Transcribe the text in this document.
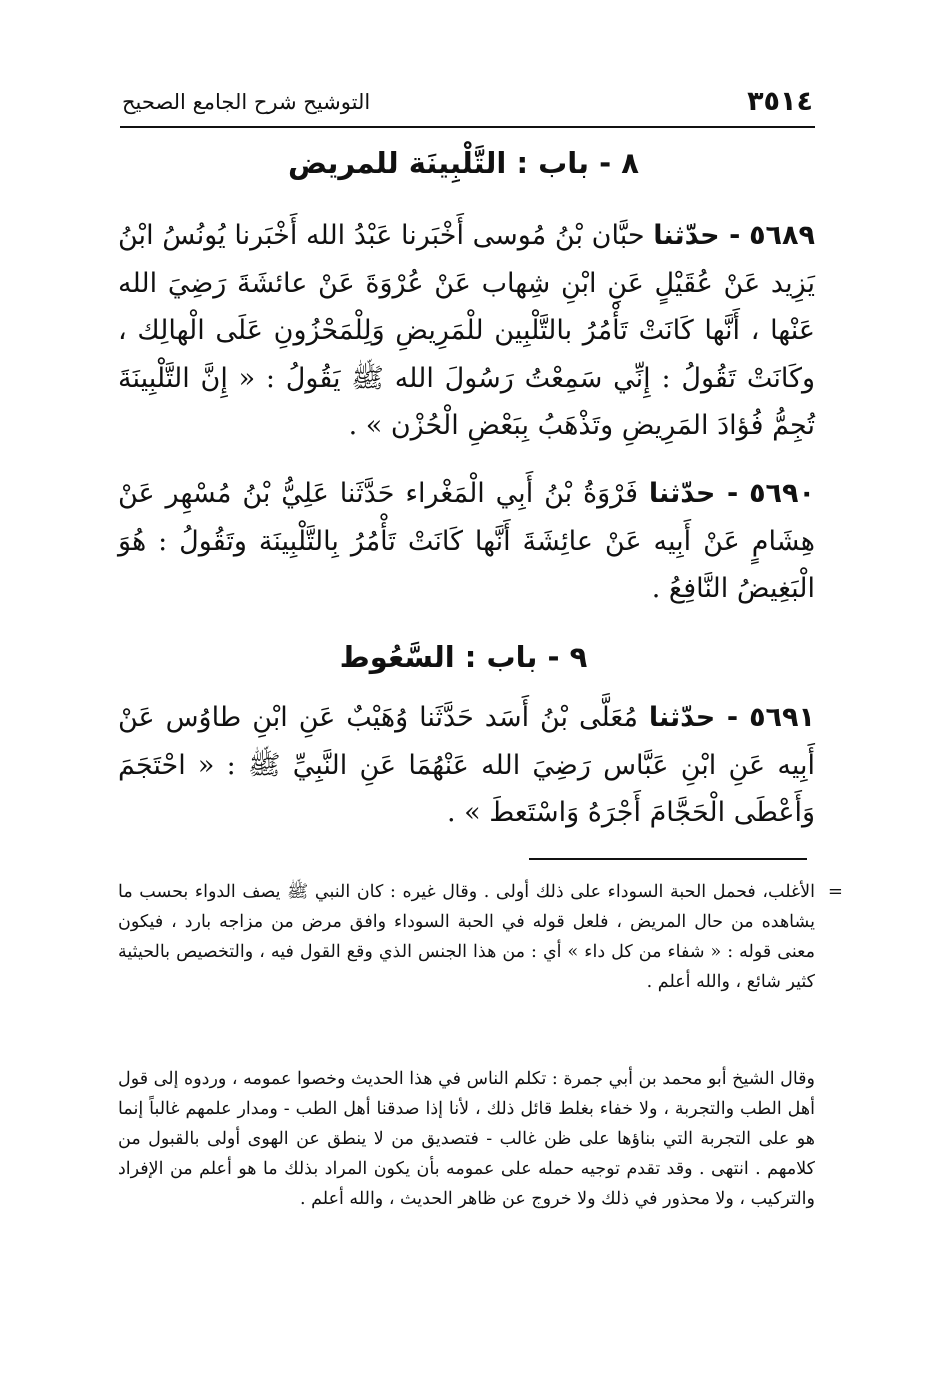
٣٥١٤
التوشيح شرح الجامع الصحيح
٨ - باب : التَّلْبِينَة للمريض
٥٦٨٩ - حدّثنا حبَّان بْنُ مُوسى أَخْبَرنا عَبْدُ الله أَخْبَرنا يُونُسُ ابْنُ يَزِيد عَنْ عُقَيْلٍ عَنِ ابْنِ شِهاب عَنْ عُرْوَةَ عَنْ عائشَةَ رَضِيَ الله عَنْها ، أَنَّها كَانَتْ تَأْمُرُ بالتَّلْبِين للْمَرِيضِ وَلِلْمَحْزُونِ عَلَى الْهالِك ، وكَانَتْ تَقُولُ : إِنِّي سَمِعْتُ رَسُولَ الله ﷺ يَقُولُ : « إِنَّ التَّلْبِينَةَ تُجِمُّ فُؤادَ المَرِيضِ وتَذْهَبُ بِبَعْضِ الْحُزْن » .
٥٦٩٠ - حدّثنا فَرْوَةُ بْنُ أَبِي الْمَغْراء حَدَّثَنا عَلِيُّ بْنُ مُسْهِر عَنْ هِشَامٍ عَنْ أَبِيه عَنْ عائِشَةَ أَنَّها كَانَتْ تَأْمُرُ بِالتَّلْبِينَة وتَقُولُ : هُوَ الْبَغِيضُ النَّافِعُ .
٩ - باب : السَّعُوط
٥٦٩١ - حدّثنا مُعَلَّى بْنُ أَسَد حَدَّثَنا وُهَيْبٌ عَنِ ابْنِ طاوُس عَنْ أَبِيه عَنِ ابْنِ عَبَّاس رَضِيَ الله عَنْهُمَا عَنِ النَّبِيِّ ﷺ : « احْتَجَمَ وَأَعْطَى الْحَجَّامَ أَجْرَهُ وَاسْتَعطَ » .
=
الأغلب، فحمل الحبة السوداء على ذلك أولى . وقال غيره : كان النبي ﷺ يصف الدواء بحسب ما يشاهده من حال المريض ، فلعل قوله في الحبة السوداء وافق مرض من مزاجه بارد ، فيكون معنى قوله : « شفاء من كل داء » أي : من هذا الجنس الذي وقع القول فيه ، والتخصيص بالحيثية كثير شائع ، والله أعلم .
وقال الشيخ أبو محمد بن أبي جمرة : تكلم الناس في هذا الحديث وخصوا عمومه ، وردوه إلى قول أهل الطب والتجربة ، ولا خفاء بغلط قائل ذلك ، لأنا إذا صدقنا أهل الطب - ومدار علمهم غالباً إنما هو على التجربة التي بناؤها على ظن غالب - فتصديق من لا ينطق عن الهوى أولى بالقبول من كلامهم . انتهى . وقد تقدم توجيه حمله على عمومه بأن يكون المراد بذلك ما هو أعلم من الإفراد والتركيب ، ولا محذور في ذلك ولا خروج عن ظاهر الحديث ، والله أعلم .
